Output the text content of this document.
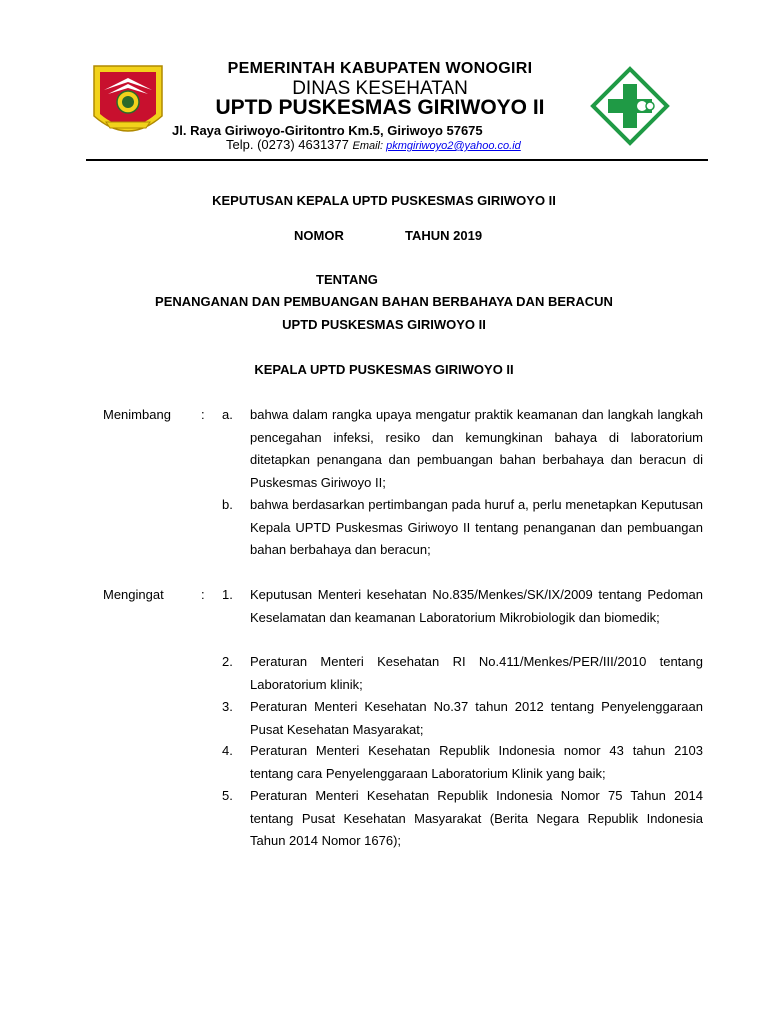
PEMERINTAH KABUPATEN WONOGIRI
DINAS KESEHATAN
UPTD PUSKESMAS GIRIWOYO II
Jl. Raya Giriwoyo-Giritontro Km.5, Giriwoyo 57675
Telp. (0273) 4631377 Email: pkmgiriwoyo2@yahoo.co.id
KEPUTUSAN KEPALA UPTD PUSKESMAS GIRIWOYO II
NOMOR	TAHUN 2019
TENTANG
PENANGANAN DAN PEMBUANGAN BAHAN BERBAHAYA DAN BERACUN
UPTD PUSKESMAS GIRIWOYO II
KEPALA UPTD PUSKESMAS GIRIWOYO II
Menimbang : a. bahwa dalam rangka upaya mengatur praktik keamanan dan langkah langkah pencegahan infeksi, resiko dan kemungkinan bahaya di laboratorium ditetapkan penangana dan pembuangan bahan berbahaya dan beracun di Puskesmas Giriwoyo II;
b. bahwa berdasarkan pertimbangan pada huruf a, perlu menetapkan Keputusan Kepala UPTD Puskesmas Giriwoyo II tentang penanganan dan pembuangan bahan berbahaya dan beracun;
Mengingat	: 1. Keputusan Menteri kesehatan No.835/Menkes/SK/IX/2009 tentang Pedoman Keselamatan dan keamanan Laboratorium Mikrobiologik dan biomedik;
2. Peraturan Menteri Kesehatan RI No.411/Menkes/PER/III/2010 tentang Laboratorium klinik;
3. Peraturan Menteri Kesehatan No.37 tahun 2012 tentang Penyelenggaraan Pusat Kesehatan Masyarakat;
4. Peraturan Menteri Kesehatan Republik Indonesia nomor 43 tahun 2103 tentang cara Penyelenggaraan Laboratorium Klinik yang baik;
5. Peraturan Menteri Kesehatan Republik Indonesia Nomor 75 Tahun 2014 tentang Pusat Kesehatan Masyarakat (Berita Negara Republik Indonesia Tahun 2014 Nomor 1676);
